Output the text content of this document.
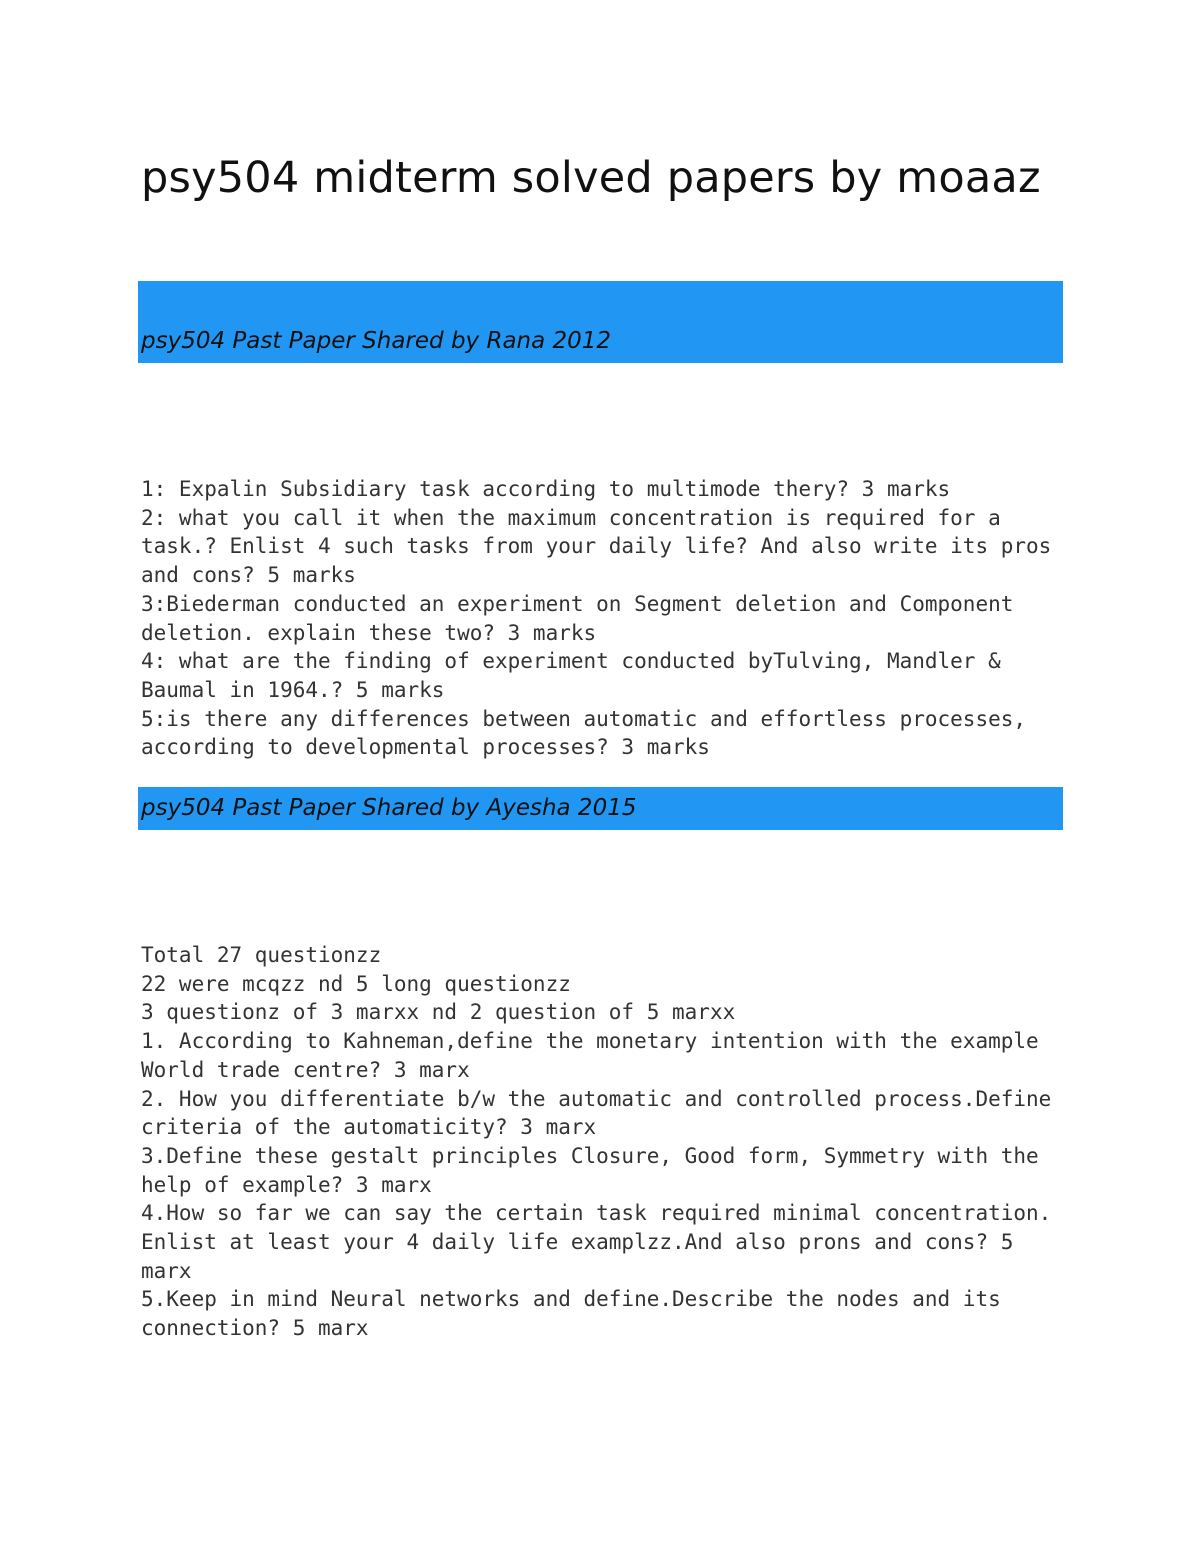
psy504 midterm solved papers by moaaz
psy504 Past Paper Shared by Rana 2012
1: Expalin Subsidiary task according to multimode thery? 3 marks
2: what you call it when the maximum concentration is required for a task.? Enlist 4 such tasks from your daily life? And also write its pros and cons? 5 marks
3:Biederman conducted an experiment on Segment deletion and Component deletion. explain these two? 3 marks
4: what are the finding of experiment conducted byTulving, Mandler & Baumal in 1964.? 5 marks
5:is there any differences between automatic and effortless processes, according to developmental processes? 3 marks
psy504 Past Paper Shared by Ayesha 2015
Total 27 questionzz
22 were mcqzz nd 5 long questionzz
3 questionz of 3 marxx nd 2 question of 5 marxx
1. According to Kahneman,define the monetary intention with the example World trade centre? 3 marx
2. How you differentiate b/w the automatic and controlled process.Define criteria of the automaticity? 3 marx
3.Define these gestalt principles Closure, Good form, Symmetry with the help of example? 3 marx
4.How so far we can say the certain task required minimal concentration. Enlist at least your 4 daily life examplzz.And also prons and cons? 5 marx
5.Keep in mind Neural networks and define.Describe the nodes and its connection? 5 marx
